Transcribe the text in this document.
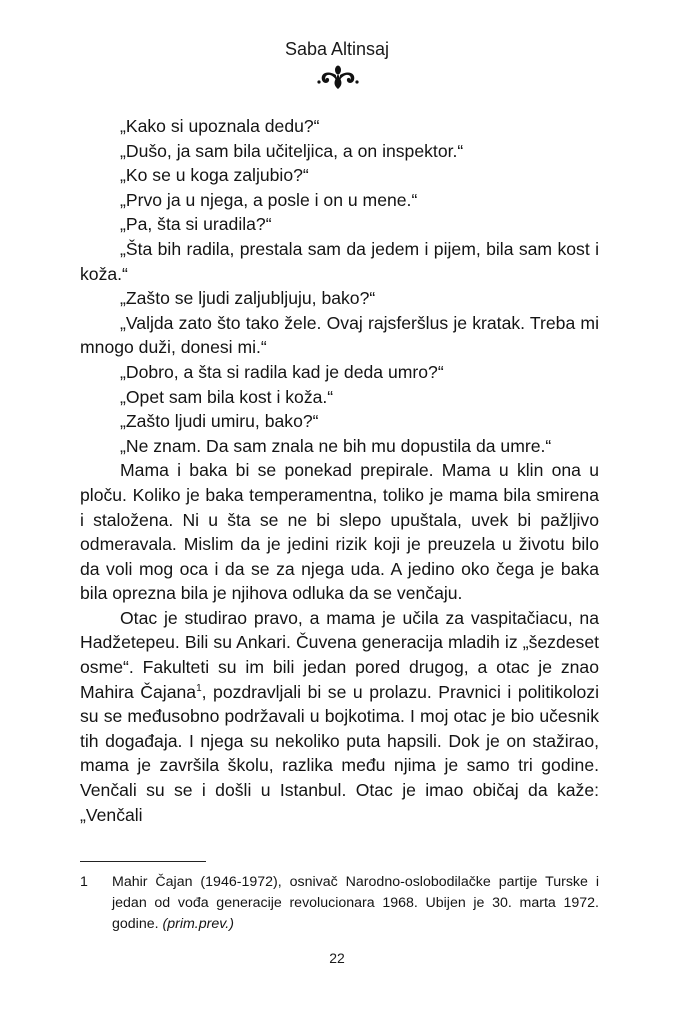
Saba Altinsaj

„Kako si upoznala dedu?“

„Dušo, ja sam bila učiteljica, a on inspektor.“

„Ko se u koga zaljubio?“

„Prvo ja u njega, a posle i on u mene.“

„Pa, šta si uradila?“

„Šta bih radila, prestala sam da jedem i pijem, bila sam kost i koža.“

„Zašto se ljudi zaljubljuju, bako?“

„Valjda zato što tako žele. Ovaj rajsferšlus je kratak. Treba mi mnogo duži, donesi mi.“

„Dobro, a šta si radila kad je deda umro?“

„Opet sam bila kost i koža.“

„Zašto ljudi umiru, bako?“

„Ne znam. Da sam znala ne bih mu dopustila da umre.“

Mama i baka bi se ponekad prepirale. Mama u klin ona u ploču. Koliko je baka temperamentna, toliko je mama bila smirena i staložena. Ni u šta se ne bi slepo upuštala, uvek bi pažljivo odmeravala. Mislim da je jedini rizik koji je preuzela u životu bilo da voli mog oca i da se za njega uda. A jedino oko čega je baka bila oprezna bila je njihova odluka da se venčaju.

Otac je studirao pravo, a mama je učila za vaspitačiacu, na Hadžetepeu. Bili su Ankari. Čuvena generacija mladih iz „šezdeset osme“. Fakulteti su im bili jedan pored drugog, a otac je znao Mahira Čajana$^1$, pozdravljali bi se u prolazu. Pravnici i politikolozi su se međusobno podržavali u bojkotima. I moj otac je bio učesnik tih događaja. I njega su nekoliko puta hapsili. Dok je on stažirao, mama je završila školu, razlika među njima je samo tri godine. Venčali su se i došli u Istanbul. Otac je imao običaj da kaže: „Venčali

1	Mahir Čajan (1946-1972), osnivač Narodno-oslobodilačke partije Turske i jedan od vođa generacije revolucionara 1968. Ubijen je 30. marta 1972. godine. (prim.prev.)

22
